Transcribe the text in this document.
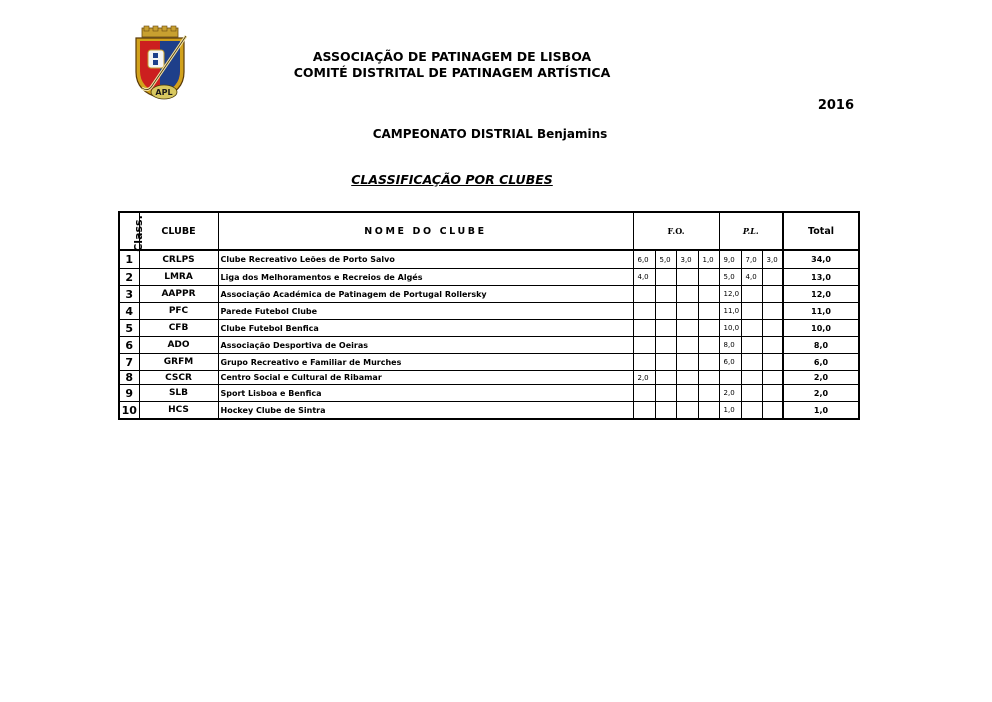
APL
ASSOCIAÇÃO DE PATINAGEM DE LISBOA
COMITÉ DISTRITAL DE PATINAGEM ARTÍSTICA
2016
CAMPEONATO DISTRIAL Benjamins
CLASSIFICAÇÃO POR CLUBES
Class.	CLUBE	NOME DO CLUBE	F.O.				P.L.			Total
1	CRLPS	Clube Recreativo Leões de Porto Salvo	6,0	5,0	3,0	1,0	9,0	7,0	3,0	34,0
2	LMRA	Liga dos Melhoramentos e Recreios de Algés	4,0				5,0	4,0		13,0
3	AAPPR	Associação Académica de Patinagem de Portugal Rollersky					12,0			12,0
4	PFC	Parede Futebol Clube					11,0			11,0
5	CFB	Clube Futebol Benfica					10,0			10,0
6	ADO	Associação Desportiva de Oeiras					8,0			8,0
7	GRFM	Grupo Recreativo e Familiar de Murches					6,0			6,0
8	CSCR	Centro Social e Cultural de Ribamar	2,0							2,0
9	SLB	Sport Lisboa e Benfica					2,0			2,0
10	HCS	Hockey Clube de Sintra					1,0			1,0
